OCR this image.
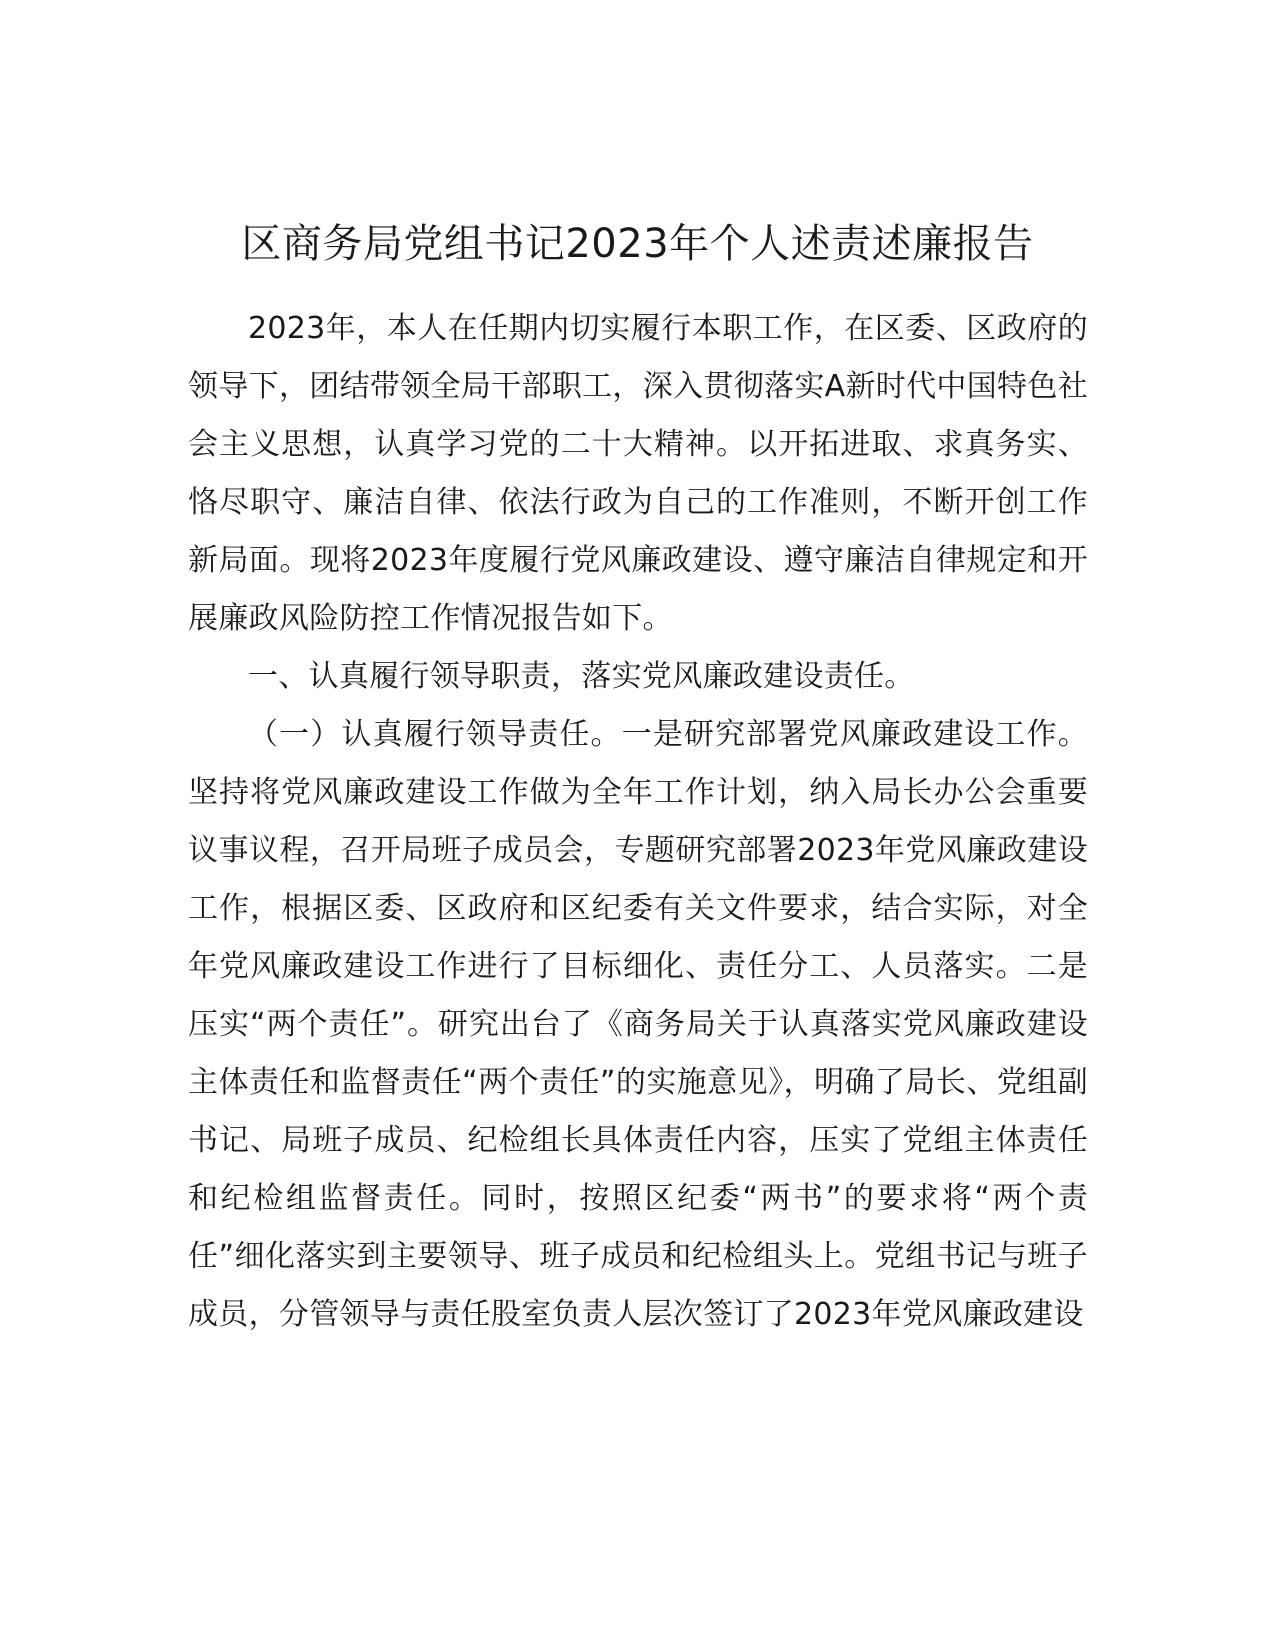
区商务局党组书记2023年个人述责述廉报告

2023年，本人在任期内切实履行本职工作，在区委、区政府的领导下，团结带领全局干部职工，深入贯彻落实A新时代中国特色社会主义思想，认真学习党的二十大精神。以开拓进取、求真务实、恪尽职守、廉洁自律、依法行政为自己的工作准则，不断开创工作新局面。现将2023年度履行党风廉政建设、遵守廉洁自律规定和开展廉政风险防控工作情况报告如下。

一、认真履行领导职责，落实党风廉政建设责任。

（一）认真履行领导责任。一是研究部署党风廉政建设工作。坚持将党风廉政建设工作做为全年工作计划，纳入局长办公会重要议事议程，召开局班子成员会，专题研究部署2023年党风廉政建设工作，根据区委、区政府和区纪委有关文件要求，结合实际，对全年党风廉政建设工作进行了目标细化、责任分工、人员落实。二是压实“两个责任”。研究出台了《商务局关于认真落实党风廉政建设主体责任和监督责任“两个责任”的实施意见》，明确了局长、党组副书记、局班子成员、纪检组长具体责任内容，压实了党组主体责任和纪检组监督责任。同时，按照区纪委“两书”的要求将“两个责任”细化落实到主要领导、班子成员和纪检组头上。党组书记与班子成员，分管领导与责任股室负责人层次签订了2023年党风廉政建设
